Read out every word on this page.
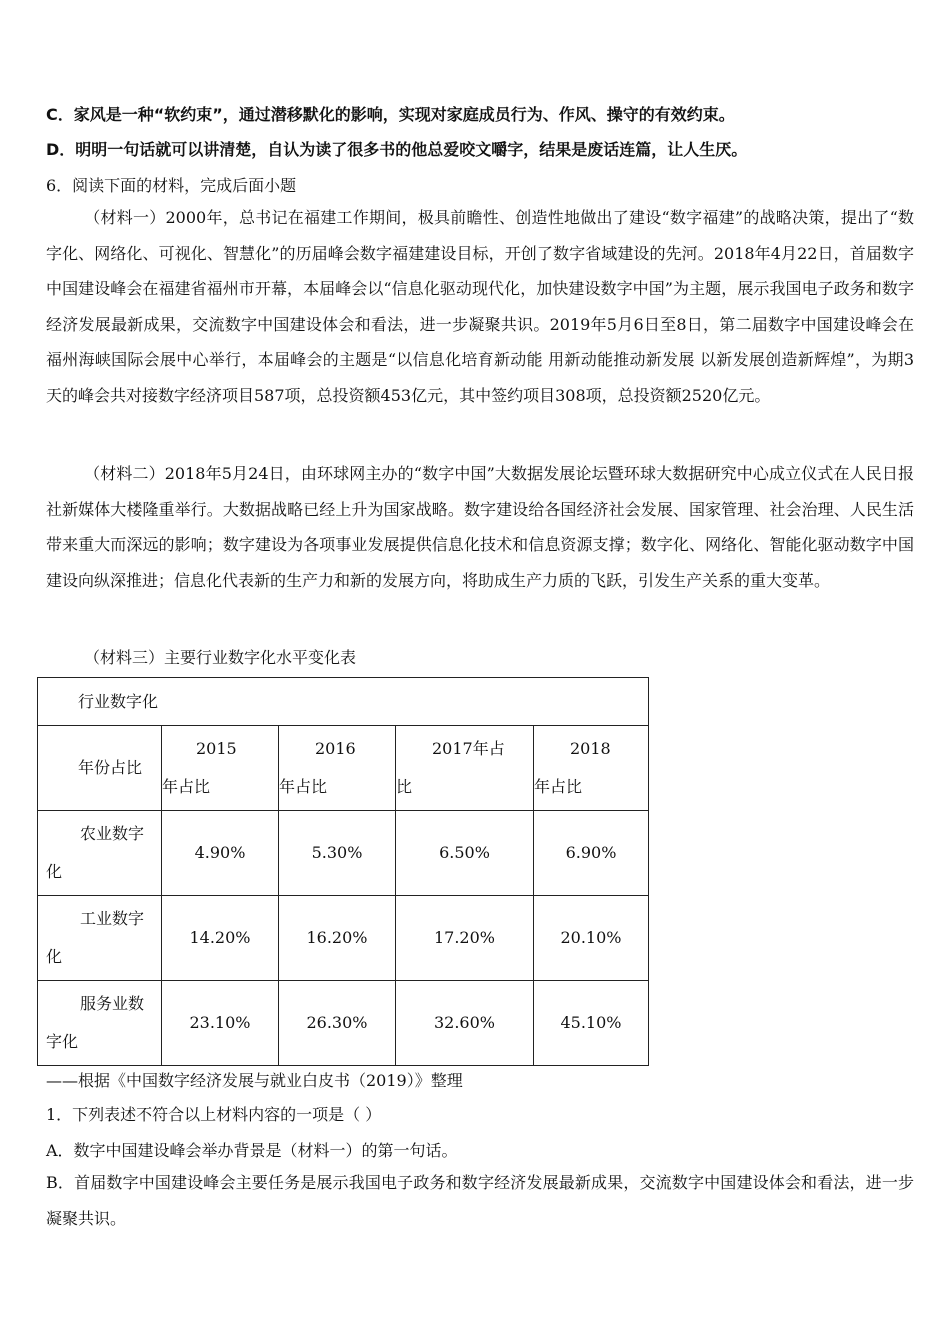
C．家风是一种“软约束”，通过潜移默化的影响，实现对家庭成员行为、作风、操守的有效约束。
D．明明一句话就可以讲清楚，自认为读了很多书的他总爱咬文嚼字，结果是废话连篇，让人生厌。
6．阅读下面的材料，完成后面小题
（材料一）2000年，总书记在福建工作期间，极具前瞻性、创造性地做出了建设“数字福建”的战略决策，提出了“数字化、网络化、可视化、智慧化”的历届峰会数字福建建设目标，开创了数字省域建设的先河。2018年4月22日，首届数字中国建设峰会在福建省福州市开幕，本届峰会以“信息化驱动现代化，加快建设数字中国”为主题，展示我国电子政务和数字经济发展最新成果，交流数字中国建设体会和看法，进一步凝聚共识。2019年5月6日至8日，第二届数字中国建设峰会在福州海峡国际会展中心举行，本届峰会的主题是“以信息化培育新动能 用新动能推动新发展 以新发展创造新辉煌”，为期3天的峰会共对接数字经济项目587项，总投资额453亿元，其中签约项目308项，总投资额2520亿元。
（材料二）2018年5月24日，由环球网主办的“数字中国”大数据发展论坛暨环球大数据研究中心成立仪式在人民日报社新媒体大楼隆重举行。大数据战略已经上升为国家战略。数字建设给各国经济社会发展、国家管理、社会治理、人民生活带来重大而深远的影响；数字建设为各项事业发展提供信息化技术和信息资源支撑；数字化、网络化、智能化驱动数字中国建设向纵深推进；信息化代表新的生产力和新的发展方向，将助成生产力质的飞跃，引发生产关系的重大变革。
（材料三）主要行业数字化水平变化表
行业数字化				
年份占比	2015年占比	2016年占比	2017年占比	2018年占比

农业数字化	4.90%	5.30%	6.50%	6.90%

工业数字化	14.20%	16.20%	17.20%	20.10%

服务业数字化	23.10%	26.30%	32.60%	45.10%
——根据《中国数字经济发展与就业白皮书（2019）》整理
1．下列表述不符合以上材料内容的一项是（ ）
A．数字中国建设峰会举办背景是（材料一）的第一句话。
B．首届数字中国建设峰会主要任务是展示我国电子政务和数字经济发展最新成果，交流数字中国建设体会和看法，进一步凝聚共识。
